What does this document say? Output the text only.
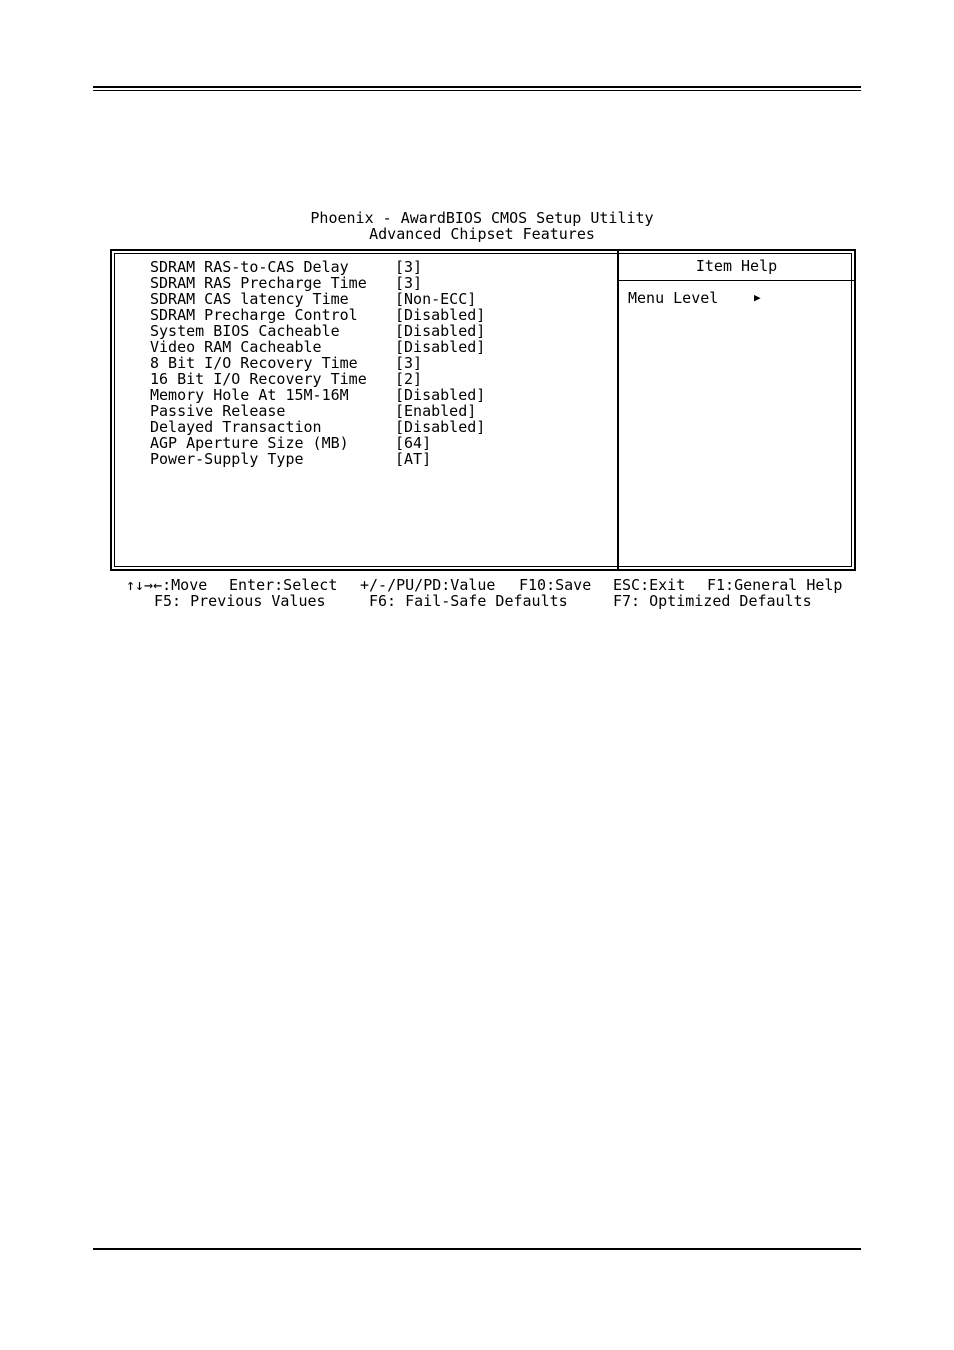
Phoenix - AwardBIOS CMOS Setup Utility
Advanced Chipset Features
SDRAM RAS-to-CAS Delay	[3]
SDRAM RAS Precharge Time [3]
SDRAM CAS latency Time	[Non-ECC]
SDRAM Precharge Control [Disabled]
System BIOS Cacheable	[Disabled]
Video RAM Cacheable	[Disabled]
8 Bit I/O Recovery Time [3]
16 Bit I/O Recovery Time [2]
Memory Hole At 15M-16M	[Disabled]
Passive Release	[Enabled]
Delayed Transaction	[Disabled]
AGP Aperture Size (MB)	[64]
Power-Supply Type	[AT]
Item Help
Menu Level	▶
↑↓→←:Move Enter:Select +/-/PU/PD:Value F10:Save ESC:Exit F1:General Help
F5: Previous Values	F6: Fail-Safe Defaults	F7: Optimized Defaults
